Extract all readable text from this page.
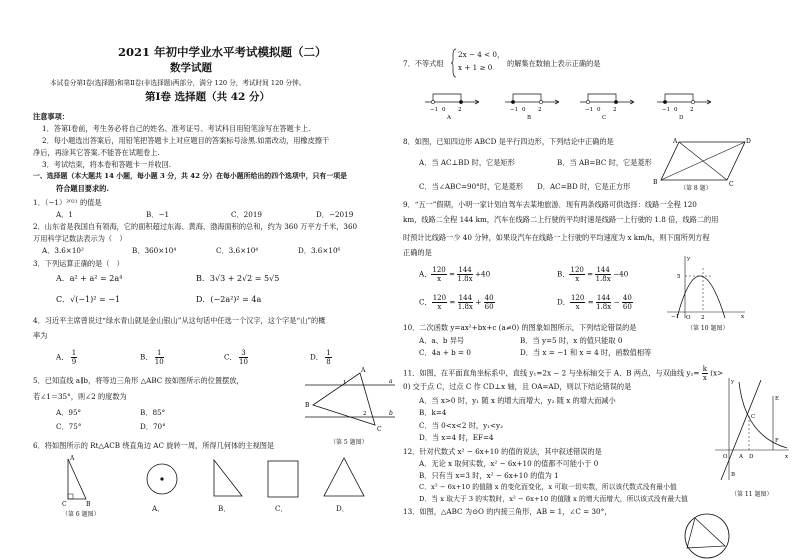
2021 年初中学业水平考试模拟题（二）
数学试题
本试卷分第Ⅰ卷(选择题)和第Ⅱ卷(非选择题)两部分，满分 120 分，考试时间 120 分钟。
第Ⅰ卷 选择题（共 42 分）
注意事项：
1．答第Ⅰ卷前，考生务必将自己的姓名、准考证号、考试科目用铅笔涂写在答题卡上.
2．每小题选出答案后，用铅笔把答题卡上对应题目的答案标号涂黑.如需改动，用橡皮擦干
净后，再涂其它答案.不能答在试题卷上.
3．考试结束，将本卷和答题卡一并收回.
一、选择题（本大题共 14 小题，每小题 3 分，共 42 分）在每小题所给出的四个选项中，只有一项是
符合题目要求的.
1．（−1）²⁰²¹ 的值是
A．1	B．−1	C．2019	D．−2019
2．山东省是我国自有领海，它的面积超过东海、黄海、渤海面积的总和，约为 360 万平方千米，360
万用科学记数法表示为（　）
A．3.6×10²	B．360×10⁴	C．3.6×10⁴	D．3.6×10⁶
3．下列运算正确的是（　）
A．a² + a² = 2a⁴	B．3√3 + 2√2 = 5√5
C．√(−1)² = −1	D．(−2a²)² = 4a
4．习近平主席曾说过“绿水青山就是金山银山”从这句话中任选一个汉字，这个字是“山”的概
率为
A． $\frac{1}{9}$	B． $\frac{1}{10}$	C． $\frac{3}{10}$	D． $\frac{1}{8}$
5．已知直线 a∥b，将等边三角形 △ABC 按如图所示的位置摆放，
若∠1＝35°，则∠2 的度数为
A．95°	B．85°
C．75°	D．70°
A
B
C
a
b
1
2
（第 5 题图）
6．将如图所示的 Rt△ACB 绕直角边 AC 旋转一周，所得几何体的主视图是
A
C	B
（第 6 题图）
A．	B．	C．	D．
7．不等式组
2x − 4 < 0，
x + 1 ≥ 0 的解集在数轴上表示正确的是
−1 0 2
A
−1 0 2
B
−1 0 2
C
−1 0 2
D
8．如图，已知四边形 ABCD 是平行四边形，下列结论中正确的是
A．当 AC⊥BD 时，它是矩形	B．当 AB=BC 时，它是菱形
C．当∠ABC=90°时，它是菱形 D．AC=BD 时，它是正方形
A
B	C
D
（第 8 题）
9．“五一”假期，小明一家计划自驾车去某地旅游．现有两条线路可供选择：线路一全程 120
km，线路二全程 144 km，汽车在线路二上行驶的平均时速是线路一上行驶的 1.8 倍，线路二的用
时预计比线路一少 40 分钟，如果设汽车在线路一上行驶的平均速度为 x km/h，则下面所列方程
正确的是
A． $\frac{120}{x} = \frac{144}{1.8x} +40$	B． $\frac{120}{x} = \frac{144}{1.8x} -40$
C． $\frac{120}{x} = \frac{144}{1.8x} + \frac{40}{60}$	D． $\frac{120}{x} = \frac{144}{1.8x} - \frac{40}{60}$
y
5
−1 O 2	x
（第 10 题图）
10．二次函数 y=ax²+bx+c (a≠0) 的图象如图所示，下列结论错误的是
A．a、b 异号	B．当 y=5 时，x 的值只能取 0
C．4a + b = 0	D．当 x = −1 和 x = 4 时，函数值相等
11．如图，在平面直角坐标系中，直线 y₁=2x − 2 与坐标轴交于 A、B 两点，与双曲线 $y_2= \frac{k}{x} (x>$
0) 交于点 C，过点 C 作 CD⊥x 轴，且 OA=AD，则以下结论错误的是
A．当 x>0 时，y₁ 随 x 的增大而增大，y₂ 随 x 的增大而减小
B．k=4
C．当 0<x<2 时，y₁<y₂
D．当 x=4 时，EF=4
y
x
O A
B
C
D
E
F
（第 11 题图）
12．针对代数式 x² − 6x+10 的值的说法，其中叙述错误的是
A．无论 x 取何实数，x² − 6x+10 的值都不可能小于 0
B．只有当 x=3 时，x² − 6x+10 的值为 1
C．x² − 6x+10 的值随 x 的变化而变化，x 可取一切实数，所以该代数式没有最小值
D．当 x 取大于 3 的实数时，x² − 6x+10 的值随 x 的增大而增大，所以该式没有最大值
13．如图，△ABC 为⊙O 的内接三角形，AB = 1，∠C = 30°，
